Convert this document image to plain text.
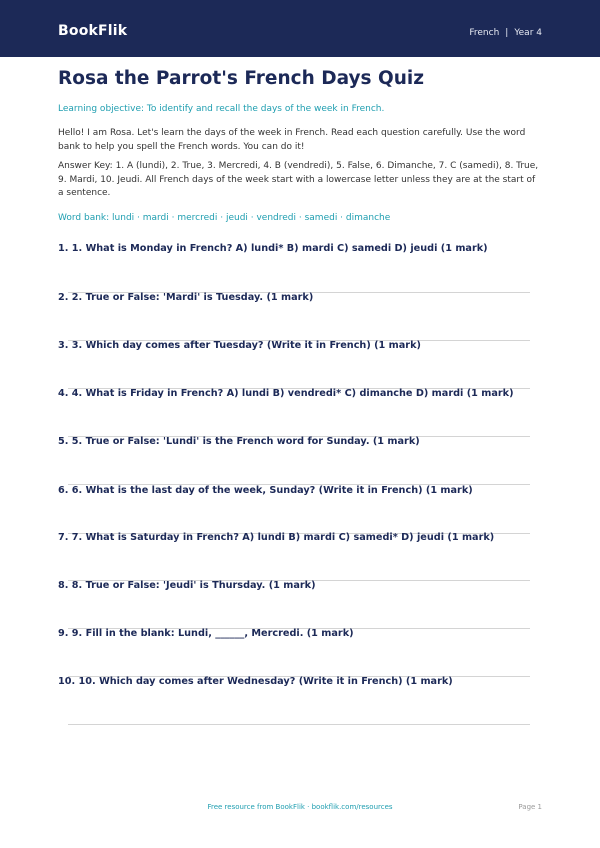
BookFlik	French | Year 4
Rosa the Parrot's French Days Quiz
Learning objective: To identify and recall the days of the week in French.
Hello! I am Rosa. Let's learn the days of the week in French. Read each question carefully. Use the word bank to help you spell the French words. You can do it!
Answer Key: 1. A (lundi), 2. True, 3. Mercredi, 4. B (vendredi), 5. False, 6. Dimanche, 7. C (samedi), 8. True, 9. Mardi, 10. Jeudi. All French days of the week start with a lowercase letter unless they are at the start of a sentence.
Word bank: lundi · mardi · mercredi · jeudi · vendredi · samedi · dimanche
1. 1. What is Monday in French? A) lundi* B) mardi C) samedi D) jeudi (1 mark)
2. 2. True or False: 'Mardi' is Tuesday. (1 mark)
3. 3. Which day comes after Tuesday? (Write it in French) (1 mark)
4. 4. What is Friday in French? A) lundi B) vendredi* C) dimanche D) mardi (1 mark)
5. 5. True or False: 'Lundi' is the French word for Sunday. (1 mark)
6. 6. What is the last day of the week, Sunday? (Write it in French) (1 mark)
7. 7. What is Saturday in French? A) lundi B) mardi C) samedi* D) jeudi (1 mark)
8. 8. True or False: 'Jeudi' is Thursday. (1 mark)
9. 9. Fill in the blank: Lundi, ______, Mercredi. (1 mark)
10. 10. Which day comes after Wednesday? (Write it in French) (1 mark)
Free resource from BookFlik · bookflik.com/resources	Page 1
